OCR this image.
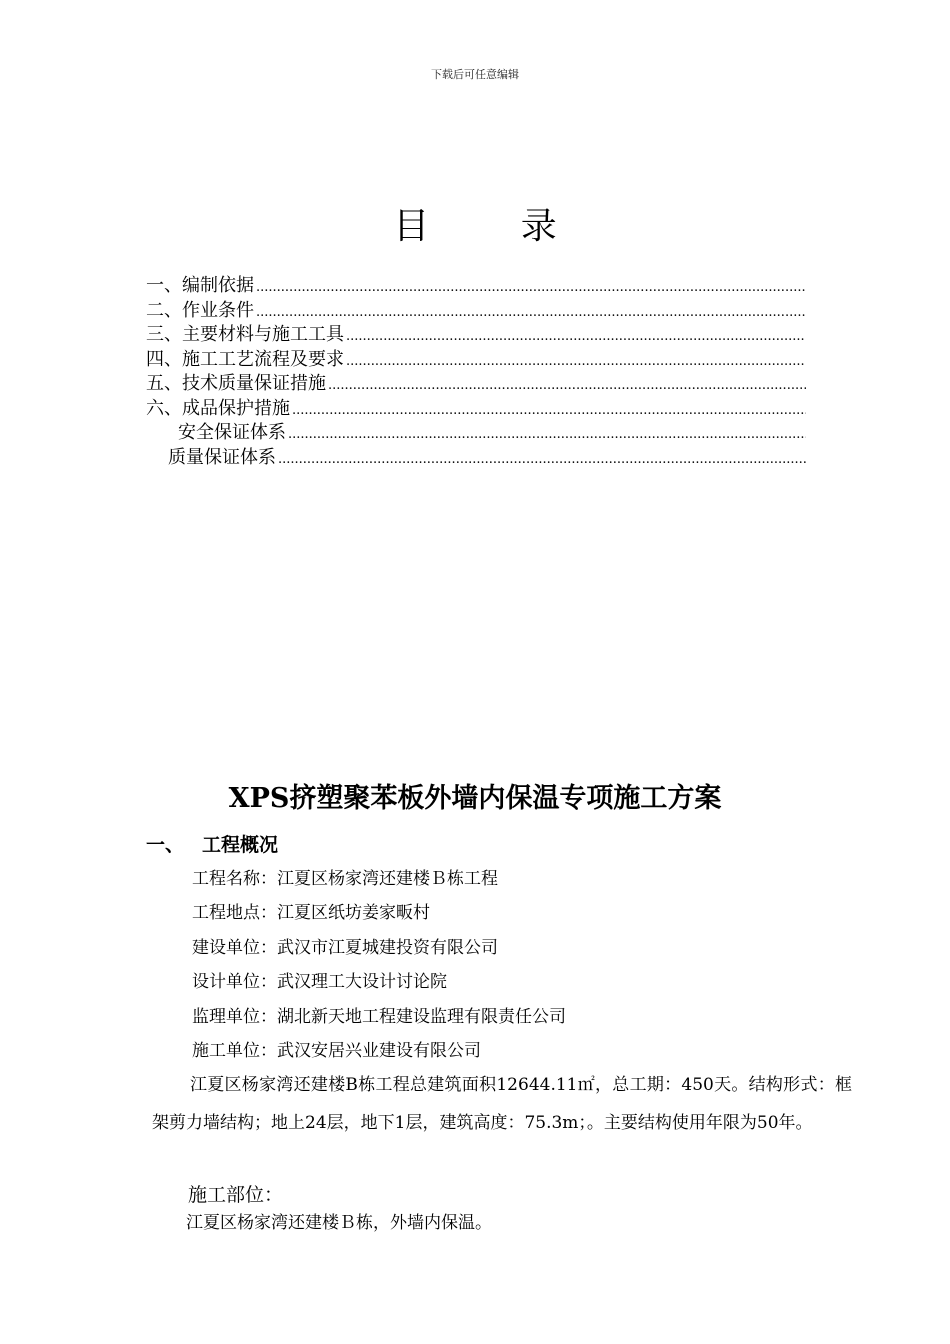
下载后可任意编辑
目 录
一、编制依据
.....
二、作业条件
.....
三、主要材料与施工工具
.....
四、施工工艺流程及要求
.....
五、技术质量保证措施
.....
六、成品保护措施
.....
安全保证体系
.....
质量保证体系
.....
XPS挤塑聚苯板外墙内保温专项施工方案
一、 工程概况
工程名称：江夏区杨家湾还建楼Ｂ栋工程
工程地点：江夏区纸坊姜家畈村
建设单位：武汉市江夏城建投资有限公司
设计单位：武汉理工大设计讨论院
监理单位：湖北新天地工程建设监理有限责任公司
施工单位：武汉安居兴业建设有限公司
江夏区杨家湾还建楼B栋工程总建筑面积12644.11㎡，总工期：450天。结构形式：框架剪力墙结构；地上24层，地下1层，建筑高度：75.3m；。主要结构使用年限为50年。
施工部位：
江夏区杨家湾还建楼Ｂ栋，外墙内保温。
